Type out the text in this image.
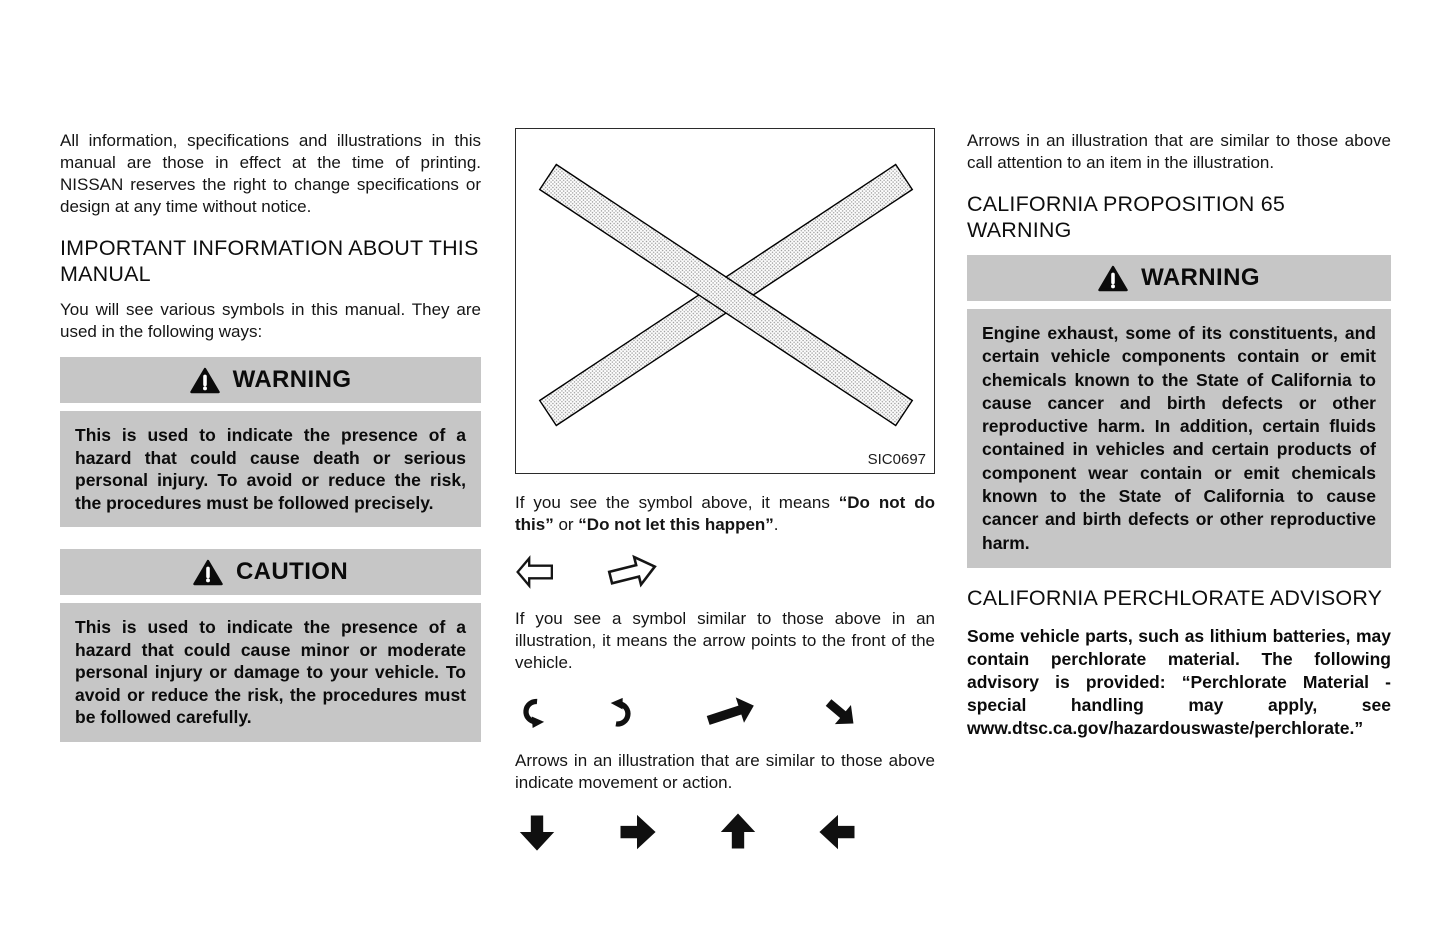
All information, specifications and illustrations in this manual are those in effect at the time of printing. NISSAN reserves the right to change specifications or design at any time without notice.

IMPORTANT INFORMATION ABOUT THIS MANUAL

You will see various symbols in this manual. They are used in the following ways:

WARNING
This is used to indicate the presence of a hazard that could cause death or serious personal injury. To avoid or reduce the risk, the procedures must be followed precisely.
CAUTION
This is used to indicate the presence of a hazard that could cause minor or moderate personal injury or damage to your vehicle. To avoid or reduce the risk, the procedures must be followed carefully.
SIC0697

If you see the symbol above, it means “Do not do this” or “Do not let this happen”.

If you see a symbol similar to those above in an illustration, it means the arrow points to the front of the vehicle.

Arrows in an illustration that are similar to those above indicate movement or action.

Arrows in an illustration that are similar to those above call attention to an item in the illustration.

CALIFORNIA PROPOSITION 65 WARNING
WARNING
Engine exhaust, some of its constituents, and certain vehicle components contain or emit chemicals known to the State of California to cause cancer and birth defects or other reproductive harm. In addition, certain fluids contained in vehicles and certain products of component wear contain or emit chemicals known to the State of California to cause cancer and birth defects or other reproductive harm.
CALIFORNIA PERCHLORATE ADVISORY

Some vehicle parts, such as lithium batteries, may contain perchlorate material. The following advisory is provided: “Perchlorate Material - special handling may apply, see www.dtsc.ca.gov/hazardouswaste/perchlorate.”
